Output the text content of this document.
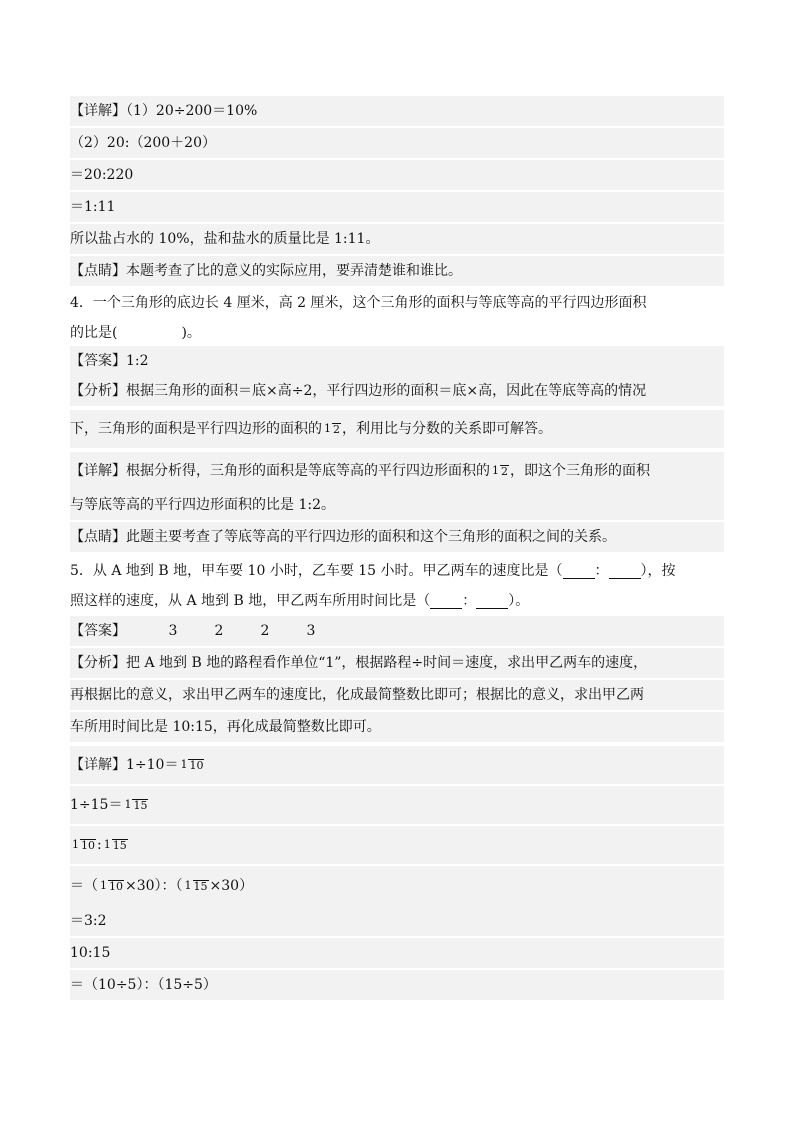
【详解】（1）20÷200＝10%
（2）20:（200＋20）
＝20:220
＝1:11
所以盐占水的 10%，盐和盐水的质量比是 1:11。
【点睛】本题考查了比的意义的实际应用，要弄清楚谁和谁比。
4．一个三角形的底边长 4 厘米，高 2 厘米，这个三角形的面积与等底等高的平行四边形面积
的比是(	)。
【答案】1:2
【分析】根据三角形的面积＝底×高÷2，平行四边形的面积＝底×高，因此在等底等高的情况
下，三角形的面积是平行四边形的面积的 1 2 ，利用比与分数的关系即可解答。
【详解】根据分析得，三角形的面积是等底等高的平行四边形面积的 1 2 ，即这个三角形的面积
与等底等高的平行四边形面积的比是 1:2。
【点睛】此题主要考查了等底等高的平行四边形的面积和这个三角形的面积之间的关系。
5．从 A 地到 B 地，甲车要 10 小时，乙车要 15 小时。甲乙两车的速度比是（ ： ），按
照这样的速度，从 A 地到 B 地，甲乙两车所用时间比是（ ： ）。
【答案】	3	2	2	3
【分析】把 A 地到 B 地的路程看作单位“1”，根据路程÷时间＝速度，求出甲乙两车的速度，
再根据比的意义，求出甲乙两车的速度比，化成最简整数比即可；根据比的意义，求出甲乙两
车所用时间比是 10:15，再化成最简整数比即可。
【详解】1÷10＝ 1 10
1÷15＝ 1 15
1 10 : 1 15
＝（ 1 10 ×30）：（ 1 15 ×30）
＝3:2
10:15
＝（10÷5）：（15÷5）
